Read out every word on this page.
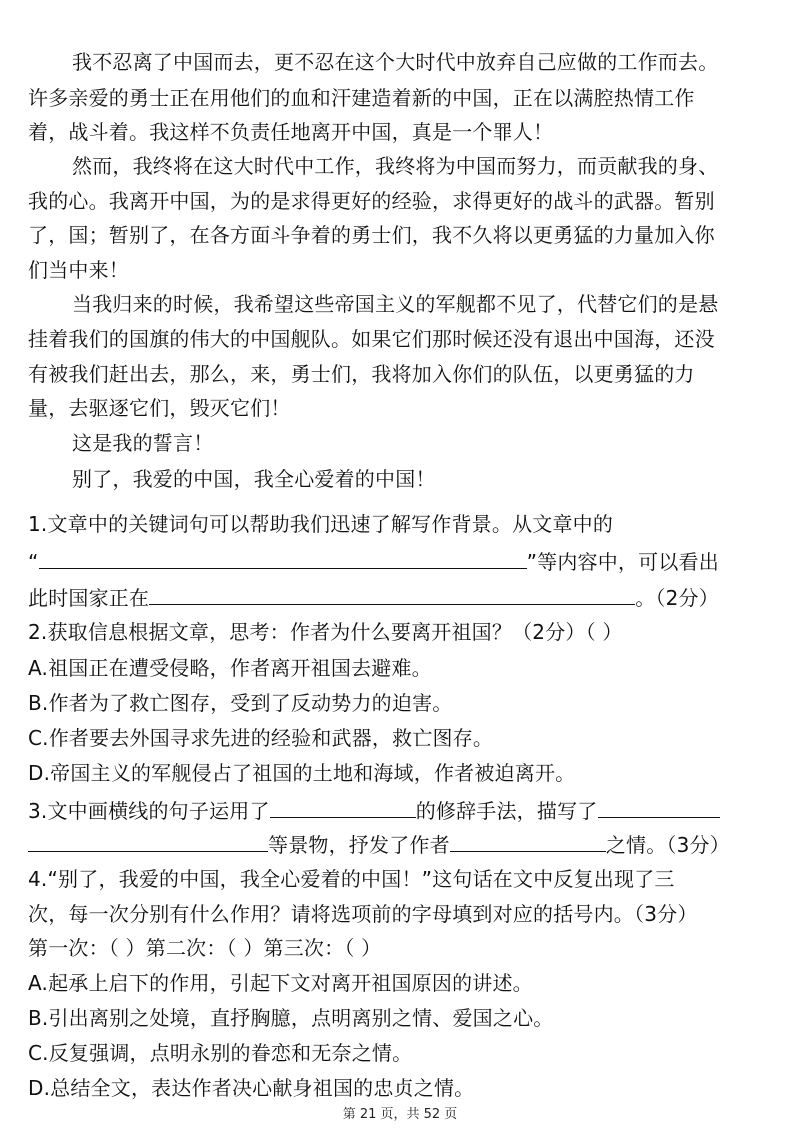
我不忍离了中国而去，更不忍在这个大时代中放弃自己应做的工作而去。
许多亲爱的勇士正在用他们的血和汗建造着新的中国，正在以满腔热情工作
着，战斗着。我这样不负责任地离开中国，真是一个罪人！
然而，我终将在这大时代中工作，我终将为中国而努力，而贡献我的身、
我的心。我离开中国，为的是求得更好的经验，求得更好的战斗的武器。暂别
了，国；暂别了，在各方面斗争着的勇士们，我不久将以更勇猛的力量加入你
们当中来！
当我归来的时候，我希望这些帝国主义的军舰都不见了，代替它们的是悬
挂着我们的国旗的伟大的中国舰队。如果它们那时候还没有退出中国海，还没
有被我们赶出去，那么，来，勇士们，我将加入你们的队伍，以更勇猛的力
量，去驱逐它们，毁灭它们！
这是我的誓言！
别了，我爱的中国，我全心爱着的中国！
1.文章中的关键词句可以帮助我们迅速了解写作背景。从文章中的
“	”等内容中，可以看出
此时国家正在	。（2分）
2.获取信息根据文章，思考：作者为什么要离开祖国？（2分）（ ）
A.祖国正在遭受侵略，作者离开祖国去避难。
B.作者为了救亡图存，受到了反动势力的迫害。
C.作者要去外国寻求先进的经验和武器，救亡图存。
D.帝国主义的军舰侵占了祖国的土地和海域，作者被迫离开。
3.文中画横线的句子运用了	的修辞手法，描写了
等景物，抒发了作者	之情。（3分）
4.“别了，我爱的中国，我全心爱着的中国！”这句话在文中反复出现了三
次，每一次分别有什么作用？请将选项前的字母填到对应的括号内。（3分）
第一次：（ ）第二次：（ ）第三次：（ ）
A.起承上启下的作用，引起下文对离开祖国原因的讲述。
B.引出离别之处境，直抒胸臆，点明离别之情、爱国之心。
C.反复强调，点明永别的眷恋和无奈之情。
D.总结全文，表达作者决心献身祖国的忠贞之情。
第 21 页，共 52 页
